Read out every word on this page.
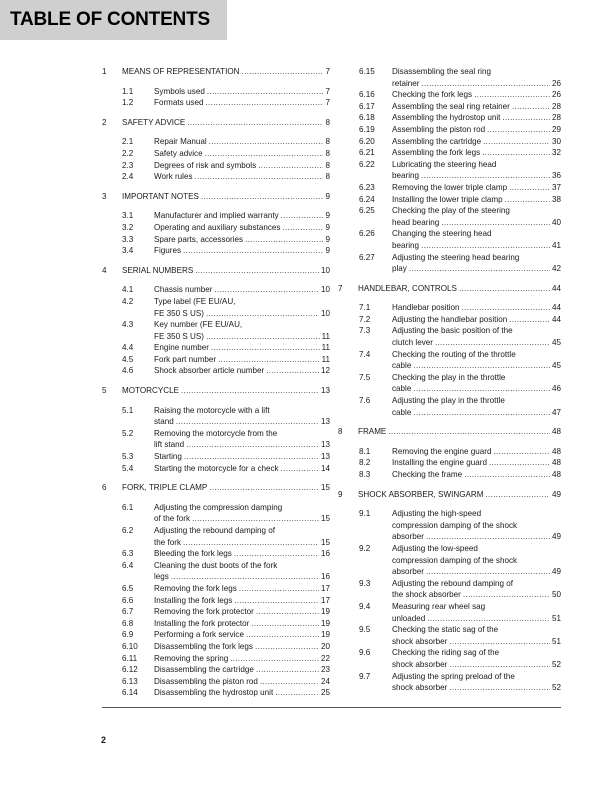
TABLE OF CONTENTS
1 MEANS OF REPRESENTATION .....	7
1.1	Symbols used .....	7
1.2	Formats used .....	7
2 SAFETY ADVICE .....	8
2.1	Repair Manual .....	8
2.2	Safety advice .....	8
2.3	Degrees of risk and symbols .....	8
2.4	Work rules .....	8
3 IMPORTANT NOTES .....	9
3.1	Manufacturer and implied warranty .....	9
3.2	Operating and auxiliary substances .....	9
3.3	Spare parts, accessories .....	9
3.4	Figures .....	9
4 SERIAL NUMBERS .....	10
4.1	Chassis number .....	10
4.2	Type label (FE EU/AU,
FE 350 S US) .....	10
4.3	Key number (FE EU/AU,
FE 350 S US) .....	11
4.4	Engine number .....	11
4.5	Fork part number .....	11
4.6	Shock absorber article number .....	12
5 MOTORCYCLE .....	13
5.1	Raising the motorcycle with a lift
stand .....	13
5.2	Removing the motorcycle from the
lift stand .....	13
5.3	Starting .....	13
5.4	Starting the motorcycle for a check .....	14
6 FORK, TRIPLE CLAMP .....	15
6.1	Adjusting the compression damping
of the fork .....	15
6.2	Adjusting the rebound damping of
the fork .....	15
6.3	Bleeding the fork legs .....	16
6.4	Cleaning the dust boots of the fork
legs .....	16
6.5	Removing the fork legs .....	17
6.6	Installing the fork legs .....	17
6.7	Removing the fork protector .....	19
6.8	Installing the fork protector .....	19
6.9	Performing a fork service .....	19
6.10 Disassembling the fork legs .....	20
6.11 Removing the spring .....	22
6.12 Disassembling the cartridge .....	23
6.13 Disassembling the piston rod .....	24
6.14 Disassembling the hydrostop unit .....	25
6.15 Disassembling the seal ring
retainer .....	26
6.16 Checking the fork legs .....	26
6.17 Assembling the seal ring retainer .....	28
6.18 Assembling the hydrostop unit .....	28
6.19 Assembling the piston rod .....	29
6.20 Assembling the cartridge .....	30
6.21 Assembling the fork legs .....	32
6.22 Lubricating the steering head
bearing .....	36
6.23 Removing the lower triple clamp .....	37
6.24 Installing the lower triple clamp .....	38
6.25 Checking the play of the steering
head bearing .....	40
6.26 Changing the steering head
bearing .....	41
6.27 Adjusting the steering head bearing
play .....	42
7 HANDLEBAR, CONTROLS .....	44
7.1	Handlebar position .....	44
7.2	Adjusting the handlebar position .....	44
7.3	Adjusting the basic position of the
clutch lever .....	45
7.4	Checking the routing of the throttle
cable .....	45
7.5	Checking the play in the throttle
cable .....	46
7.6	Adjusting the play in the throttle
cable .....	47
8 FRAME .....	48
8.1	Removing the engine guard .....	48
8.2	Installing the engine guard .....	48
8.3	Checking the frame .....	48
9 SHOCK ABSORBER, SWINGARM .....	49
9.1	Adjusting the high-speed
compression damping of the shock
absorber .....	49
9.2	Adjusting the low-speed
compression damping of the shock
absorber .....	49
9.3	Adjusting the rebound damping of
the shock absorber .....	50
9.4	Measuring rear wheel sag
unloaded .....	51
9.5	Checking the static sag of the
shock absorber .....	51
9.6	Checking the riding sag of the
shock absorber .....	52
9.7	Adjusting the spring preload of the
shock absorber .....	52
2
